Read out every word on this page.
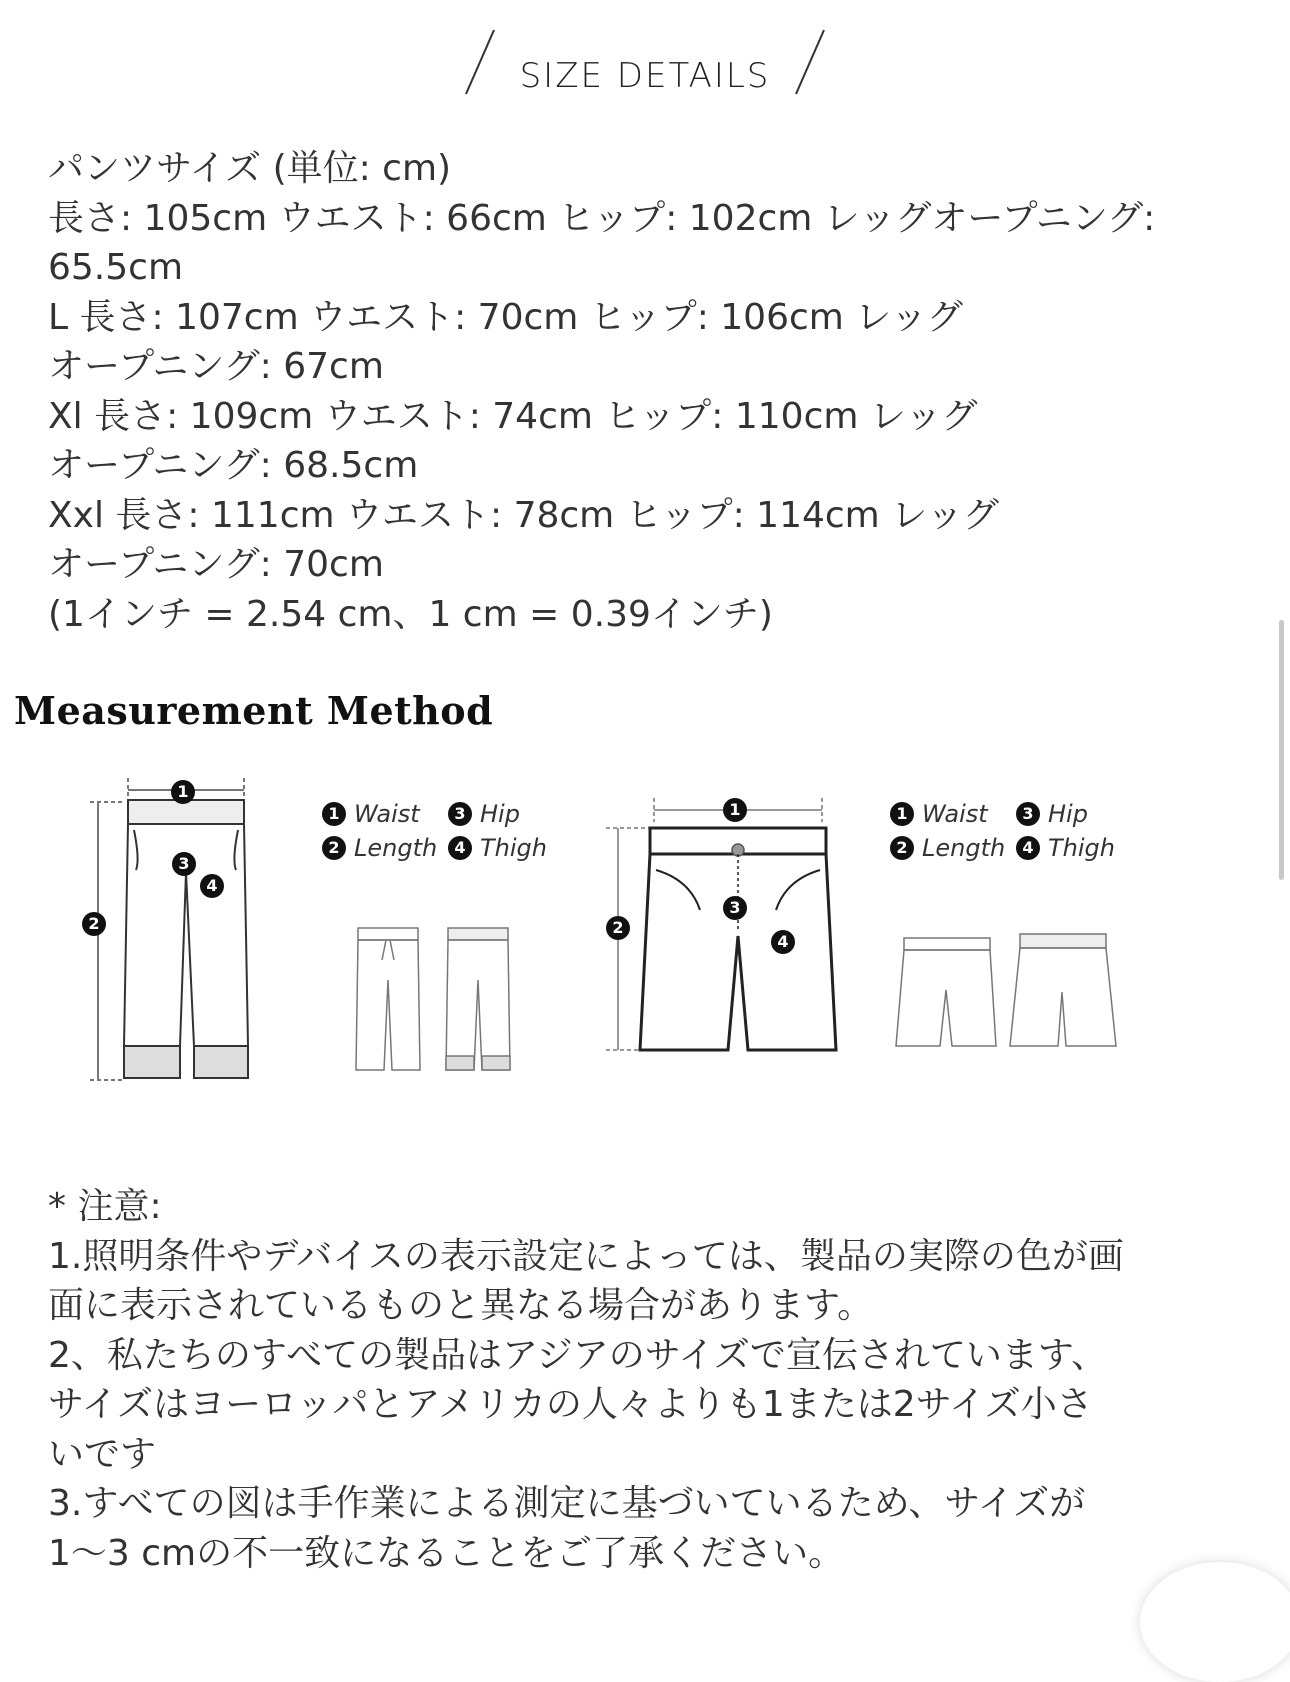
SIZE DETAILS
パンツサイズ (単位: cm)
長さ: 105cm ウエスト: 66cm ヒップ: 102cm レッグオープニング:
65.5cm
L 長さ: 107cm ウエスト: 70cm ヒップ: 106cm レッグ
オープニング: 67cm
Xl 長さ: 109cm ウエスト: 74cm ヒップ: 110cm レッグ
オープニング: 68.5cm
Xxl 長さ: 111cm ウエスト: 78cm ヒップ: 114cm レッグ
オープニング: 70cm
(1インチ = 2.54 cm、1 cm = 0.39インチ)
Measurement Method
1
2
3
4
1
2
3
4
1 Waist	3 Hip
2 Length	4 Thigh
1 Waist	3 Hip
2 Length	4 Thigh
* 注意:
1.照明条件やデバイスの表示設定によっては、製品の実際の色が画
面に表示されているものと異なる場合があります。
2、私たちのすべての製品はアジアのサイズで宣伝されています、
サイズはヨーロッパとアメリカの人々よりも1または2サイズ小さ
いです
3.すべての図は手作業による測定に基づいているため、サイズが
1～3 cmの不一致になることをご了承ください。
